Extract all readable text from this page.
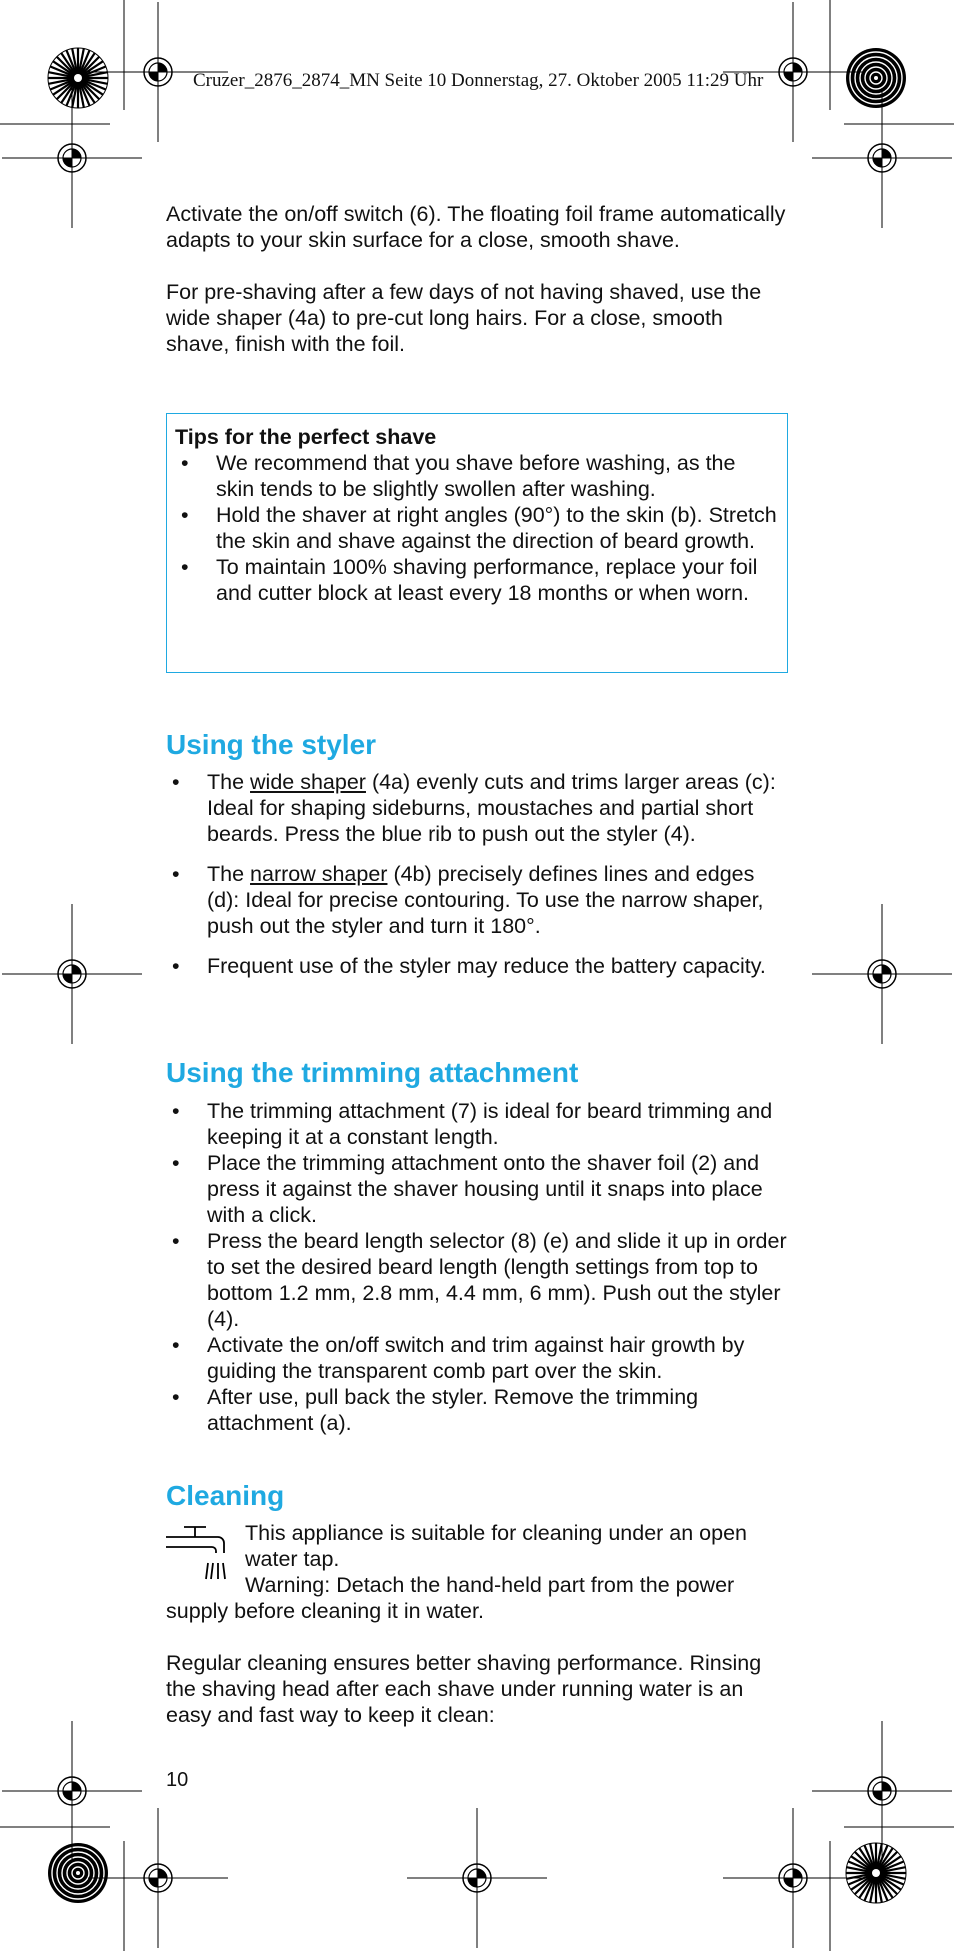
Cruzer_2876_2874_MN Seite 10 Donnerstag, 27. Oktober 2005 11:29 Uhr

Activate the on/off switch (6). The floating foil frame automatically adapts to your skin surface for a close, smooth shave.

For pre-shaving after a few days of not having shaved, use the wide shaper (4a) to pre-cut long hairs. For a close, smooth shave, finish with the foil.

Tips for the perfect shave
• We recommend that you shave before washing, as the skin tends to be slightly swollen after washing.
• Hold the shaver at right angles (90°) to the skin (b). Stretch the skin and shave against the direction of beard growth.
• To maintain 100% shaving performance, replace your foil and cutter block at least every 18 months or when worn.
Using the styler
• The wide shaper (4a) evenly cuts and trims larger areas (c): Ideal for shaping sideburns, moustaches and partial short beards. Press the blue rib to push out the styler (4).
• The narrow shaper (4b) precisely defines lines and edges (d): Ideal for precise contouring. To use the narrow shaper, push out the styler and turn it 180°.
• Frequent use of the styler may reduce the battery capacity.
Using the trimming attachment
• The trimming attachment (7) is ideal for beard trimming and keeping it at a constant length.
• Place the trimming attachment onto the shaver foil (2) and press it against the shaver housing until it snaps into place with a click.
• Press the beard length selector (8) (e) and slide it up in order to set the desired beard length (length settings from top to bottom 1.2 mm, 2.8 mm, 4.4 mm, 6 mm). Push out the styler (4).
• Activate the on/off switch and trim against hair growth by guiding the transparent comb part over the skin.
• After use, pull back the styler. Remove the trimming attachment (a).
Cleaning

This appliance is suitable for cleaning under an open

water tap.

Warning: Detach the hand-held part from the power

supply before cleaning it in water.

Regular cleaning ensures better shaving performance. Rinsing the shaving head after each shave under running water is an easy and fast way to keep it clean:

10
